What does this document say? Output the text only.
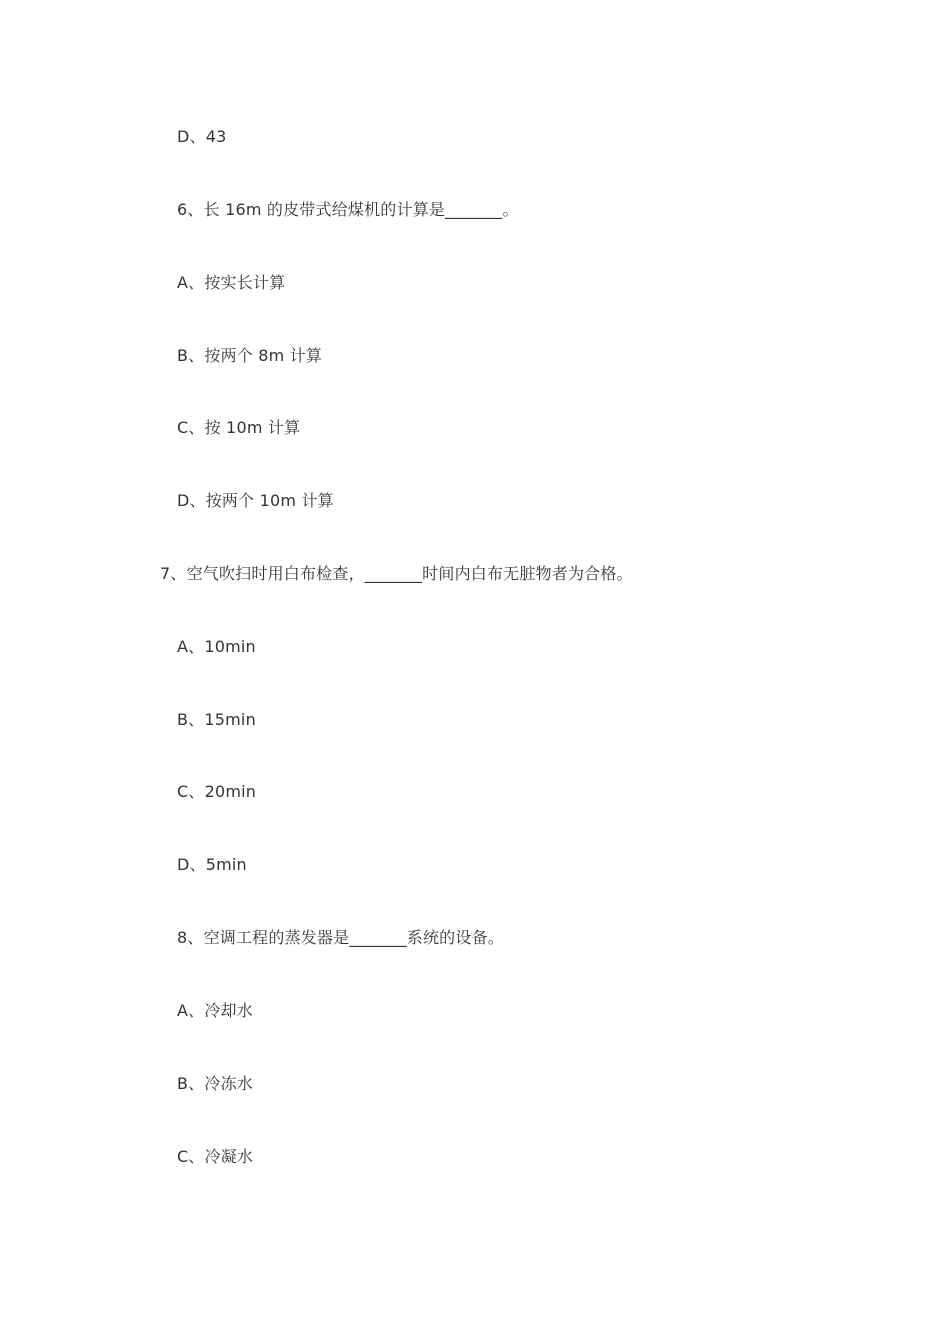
D、43
6、长 16m 的皮带式给煤机的计算是_______。
A、按实长计算
B、按两个 8m 计算
C、按 10m 计算
D、按两个 10m 计算
7、空气吹扫时用白布检查，_______时间内白布无脏物者为合格。
A、10min
B、15min
C、20min
D、5min
8、空调工程的蒸发器是_______系统的设备。
A、冷却水
B、冷冻水
C、冷凝水
